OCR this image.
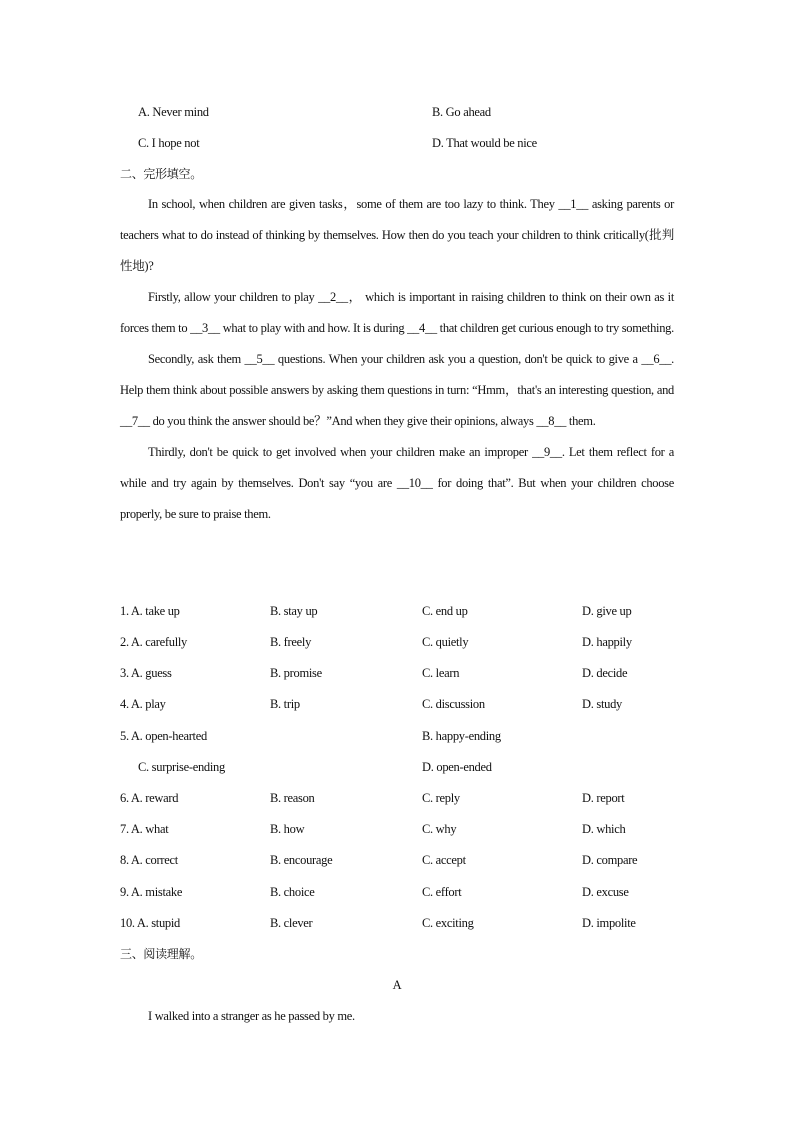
A. Never mind	B. Go ahead
C. I hope not	D. That would be nice
二、完形填空。

In school, when children are given tasks，some of them are too lazy to think. They __1__ asking parents or teachers what to do instead of thinking by themselves. How then do you teach your children to think critically(批判性地)?

Firstly, allow your children to play __2__， which is important in raising children to think on their own as it forces them to __3__ what to play with and how. It is during __4__ that children get curious enough to try something.

Secondly, ask them __5__ questions. When your children ask you a question, don't be quick to give a __6__. Help them think about possible answers by asking them questions in turn: “Hmm，that's an interesting question, and __7__ do you think the answer should be？”And when they give their opinions, always __8__ them.

Thirdly, don't be quick to get involved when your children make an improper __9__. Let them reflect for a while and try again by themselves. Don't say “you are __10__ for doing that”. But when your children choose properly, be sure to praise them.

1. A. take up	B. stay up	C. end up	D. give up
2. A. carefully	B. freely	C. quietly	D. happily
3. A. guess	B. promise	C. learn	D. decide
4. A. play	B. trip	C. discussion	D. study
5. A. open-hearted	B. happy-ending
C. surprise-ending	D. open-ended
6. A. reward	B. reason	C. reply	D. report
7. A. what	B. how	C. why	D. which
8. A. correct	B. encourage	C. accept	D. compare
9. A. mistake	B. choice	C. effort	D. excuse
10. A. stupid	B. clever	C. exciting	D. impolite
三、阅读理解。
A
I walked into a stranger as he passed by me.
